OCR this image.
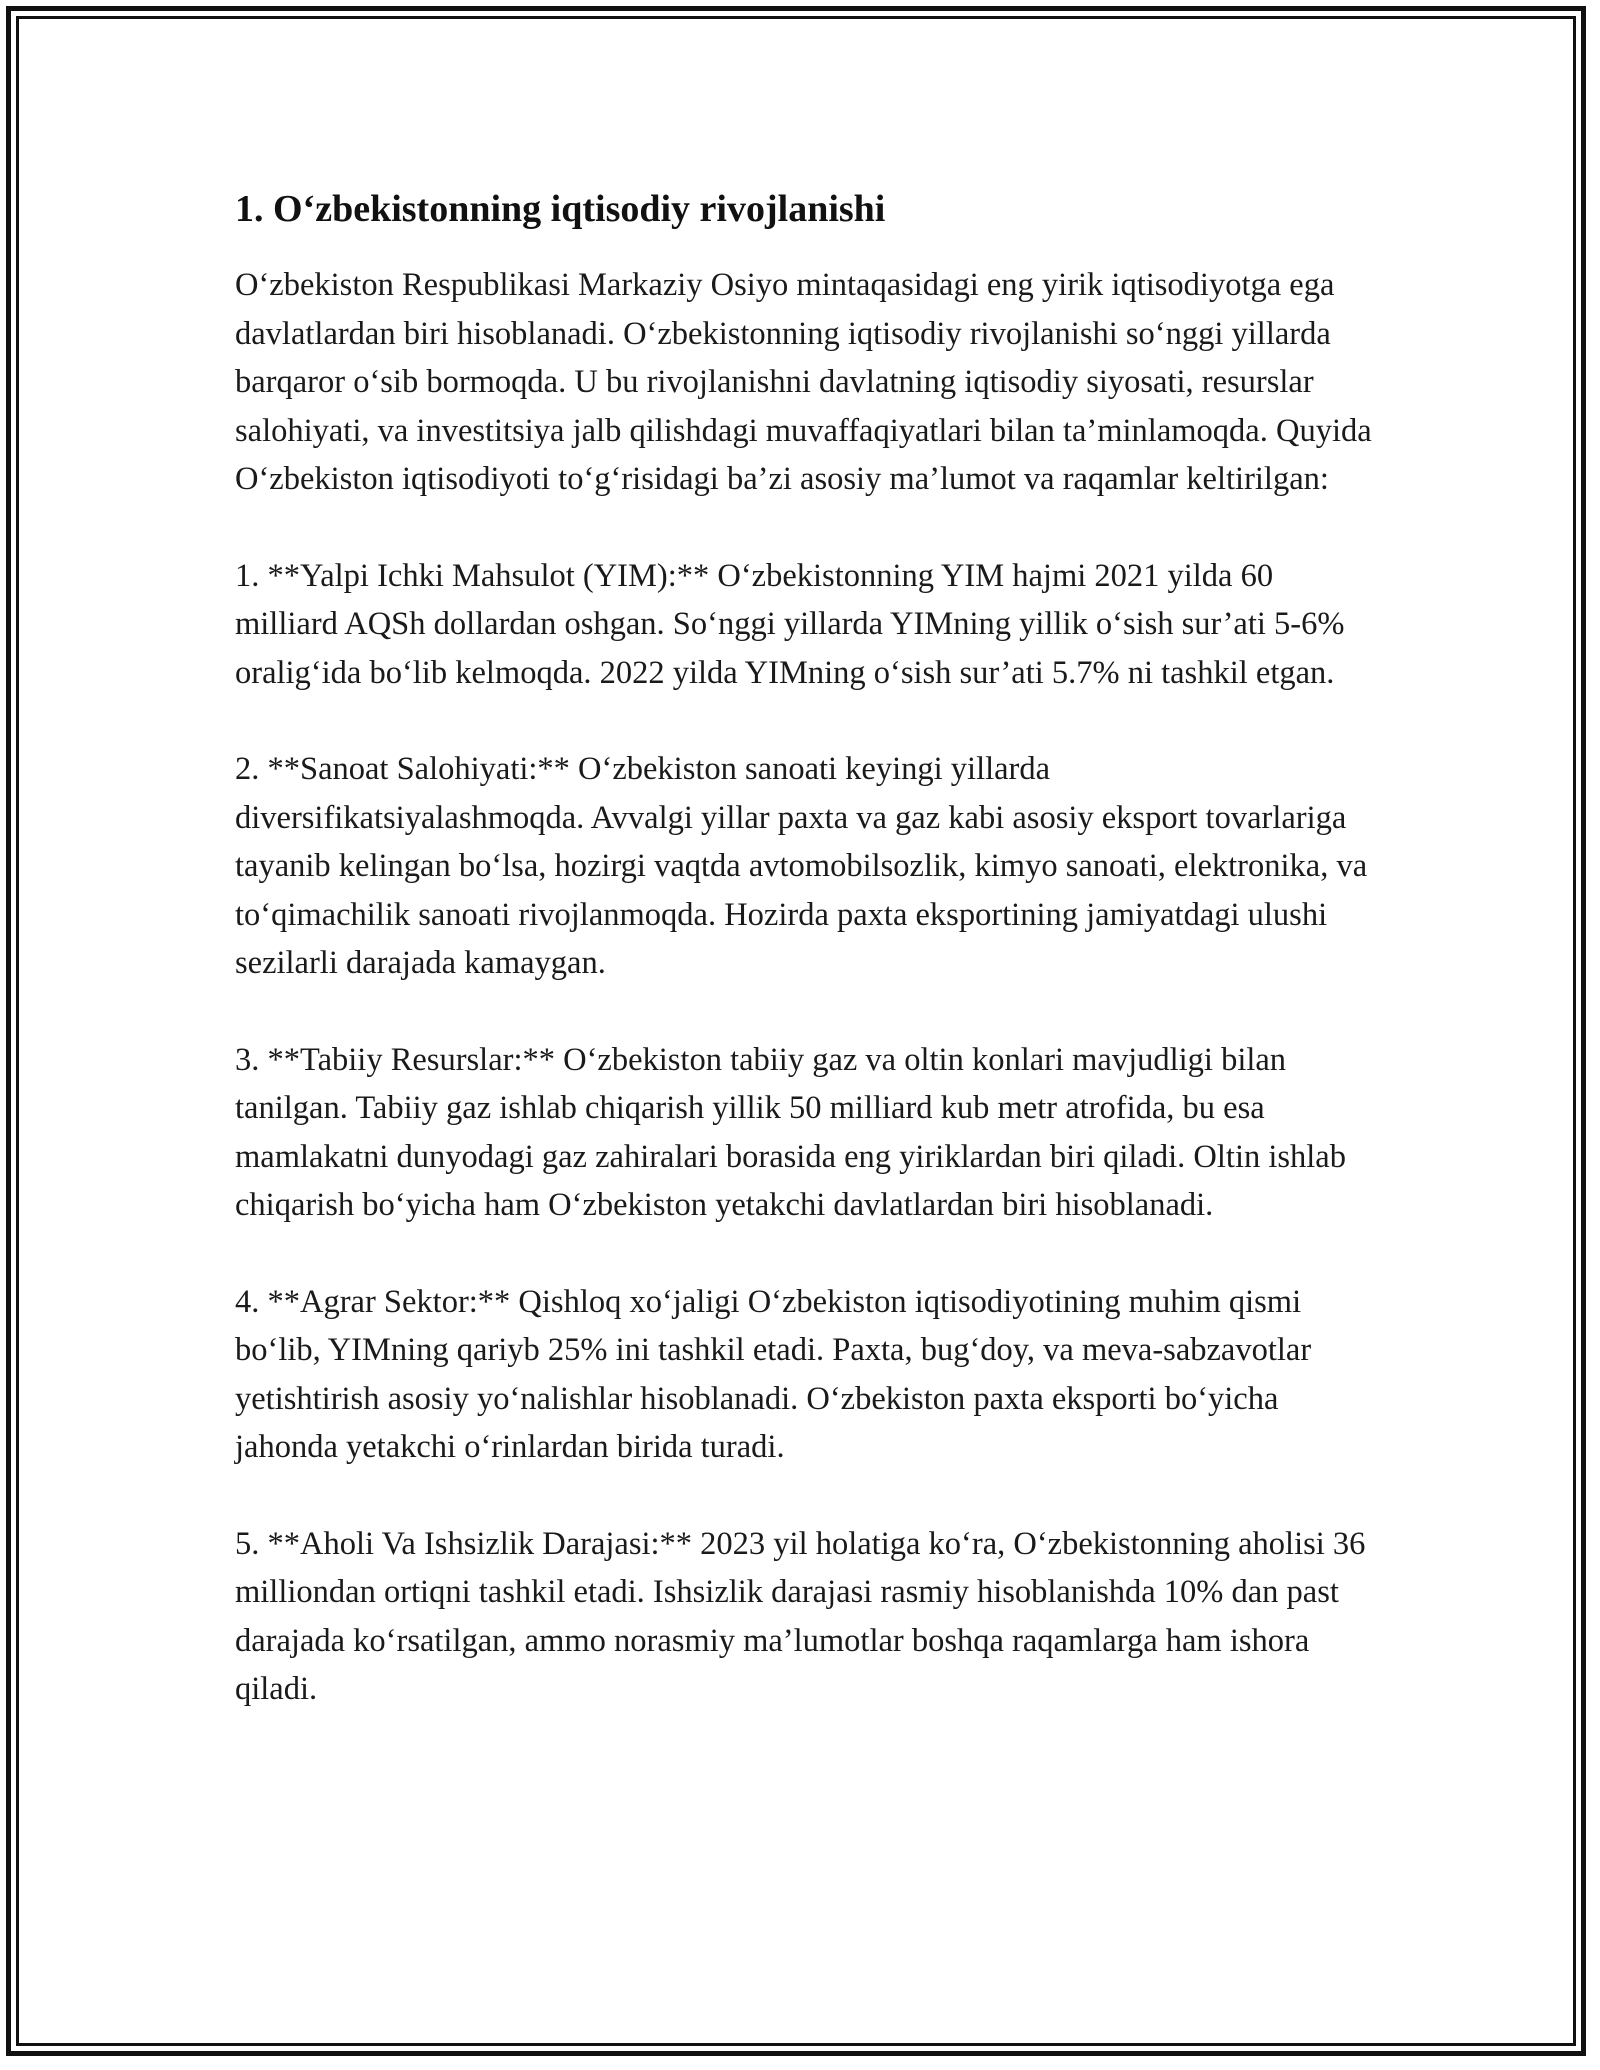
1. O‘zbekistonning iqtisodiy rivojlanishi

O‘zbekiston Respublikasi Markaziy Osiyo mintaqasidagi eng yirik iqtisodiyotga ega davlatlardan biri hisoblanadi. O‘zbekistonning iqtisodiy rivojlanishi so‘nggi yillarda barqaror o‘sib bormoqda. U bu rivojlanishni davlatning iqtisodiy siyosati, resurslar salohiyati, va investitsiya jalb qilishdagi muvaffaqiyatlari bilan ta’minlamoqda. Quyida O‘zbekiston iqtisodiyoti to‘g‘risidagi ba’zi asosiy ma’lumot va raqamlar keltirilgan:

1. **Yalpi Ichki Mahsulot (YIM):** O‘zbekistonning YIM hajmi 2021 yilda 60 milliard AQSh dollardan oshgan. So‘nggi yillarda YIMning yillik o‘sish sur’ati 5-6% oralig‘ida bo‘lib kelmoqda. 2022 yilda YIMning o‘sish sur’ati 5.7% ni tashkil etgan.

2. **Sanoat Salohiyati:** O‘zbekiston sanoati keyingi yillarda diversifikatsiyalashmoqda. Avvalgi yillar paxta va gaz kabi asosiy eksport tovarlariga tayanib kelingan bo‘lsa, hozirgi vaqtda avtomobilsozlik, kimyo sanoati, elektronika, va to‘qimachilik sanoati rivojlanmoqda. Hozirda paxta eksportining jamiyatdagi ulushi sezilarli darajada kamaygan.

3. **Tabiiy Resurslar:** O‘zbekiston tabiiy gaz va oltin konlari mavjudligi bilan tanilgan. Tabiiy gaz ishlab chiqarish yillik 50 milliard kub metr atrofida, bu esa mamlakatni dunyodagi gaz zahiralari borasida eng yiriklardan biri qiladi. Oltin ishlab chiqarish bo‘yicha ham O‘zbekiston yetakchi davlatlardan biri hisoblanadi.

4. **Agrar Sektor:** Qishloq xo‘jaligi O‘zbekiston iqtisodiyotining muhim qismi bo‘lib, YIMning qariyb 25% ini tashkil etadi. Paxta, bug‘doy, va meva-sabzavotlar yetishtirish asosiy yo‘nalishlar hisoblanadi. O‘zbekiston paxta eksporti bo‘yicha jahonda yetakchi o‘rinlardan birida turadi.

5. **Aholi Va Ishsizlik Darajasi:** 2023 yil holatiga ko‘ra, O‘zbekistonning aholisi 36 milliondan ortiqni tashkil etadi. Ishsizlik darajasi rasmiy hisoblanishda 10% dan past darajada ko‘rsatilgan, ammo norasmiy ma’lumotlar boshqa raqamlarga ham ishora qiladi.
